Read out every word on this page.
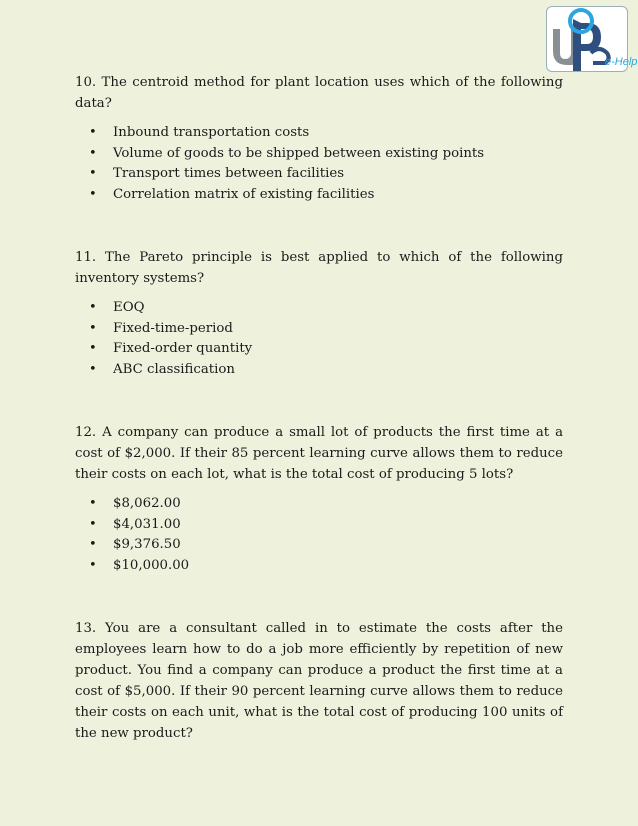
e-Help

10. The centroid method for plant location uses which of the following data?

• Inbound transportation costs
• Volume of goods to be shipped between existing points
• Transport times between facilities
• Correlation matrix of existing facilities

11. The Pareto principle is best applied to which of the following inventory systems?

• EOQ
• Fixed-time-period
• Fixed-order quantity
• ABC classification

12. A company can produce a small lot of products the first time at a cost of $2,000. If their 85 percent learning curve allows them to reduce their costs on each lot, what is the total cost of producing 5 lots?

• $8,062.00
• $4,031.00
• $9,376.50
• $10,000.00

13. You are a consultant called in to estimate the costs after the employees learn how to do a job more efficiently by repetition of new product. You find a company can produce a product the first time at a cost of $5,000. If their 90 percent learning curve allows them to reduce their costs on each unit, what is the total cost of producing 100 units of the new product?
